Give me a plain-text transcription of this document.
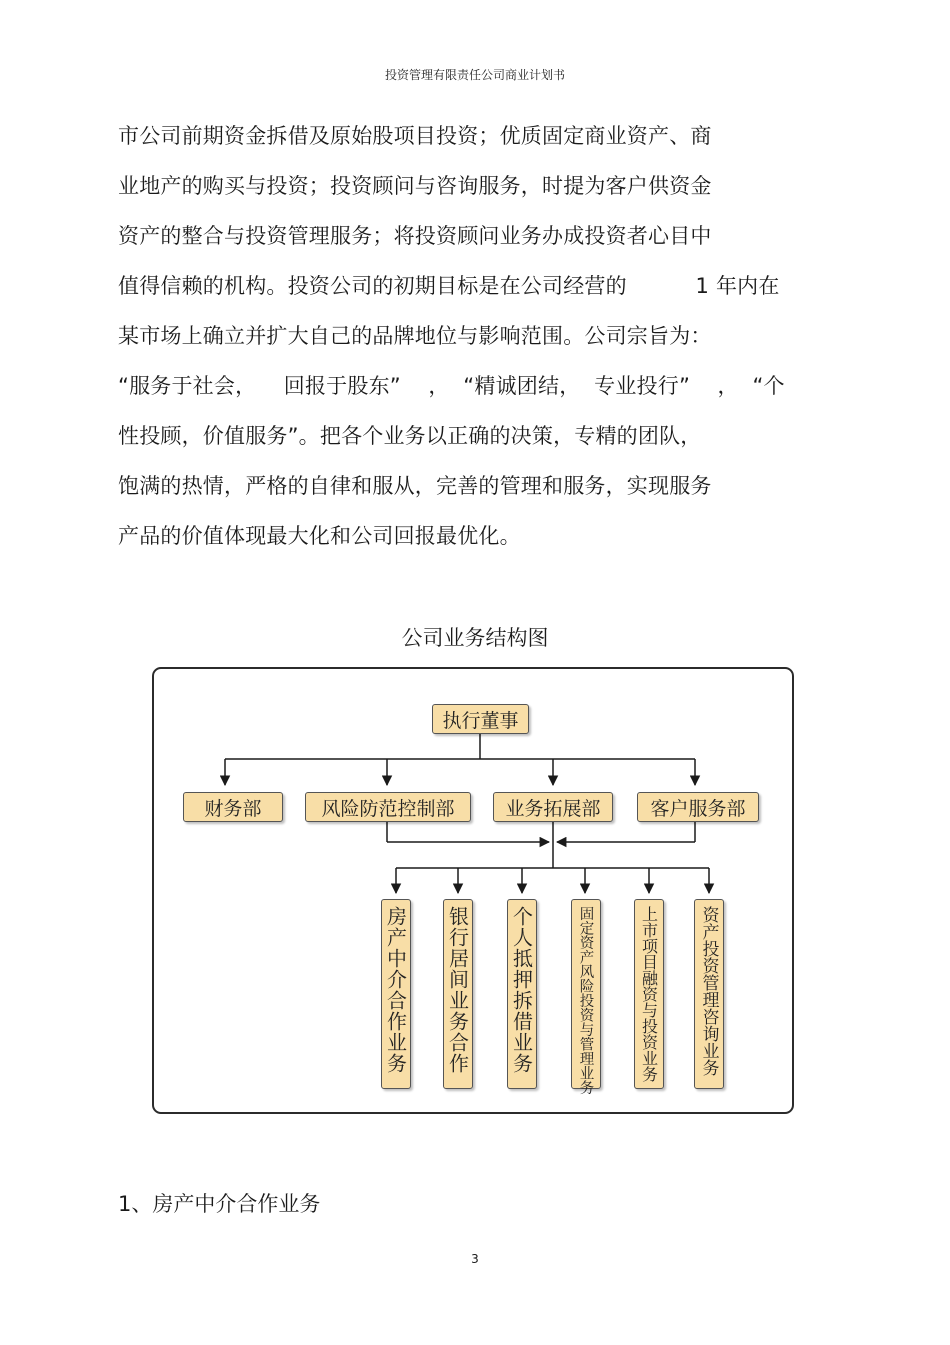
投资管理有限责任公司商业计划书
市公司前期资金拆借及原始股项目投资；优质固定商业资产、商
业地产的购买与投资；投资顾问与咨询服务，时提为客户供资金
资产的整合与投资管理服务；将投资顾问业务办成投资者心目中
值得信赖的机构。投资公司的初期目标是在公司经营的          1 年内在
某市场上确立并扩大自己的品牌地位与影响范围。公司宗旨为：
“服务于社会，    回报于股东”    ，  “精诚团结，  专业投行”    ，  “个
性投顾，价值服务”。把各个业务以正确的决策，专精的团队，
饱满的热情，严格的自律和服从，完善的管理和服务，实现服务
产品的价值体现最大化和公司回报最优化。
公司业务结构图
执行董事
财务部	风险防范控制部	业务拓展部	客户服务部
房产中介合作业务 银行居间业务合作 个人抵押拆借业务	固定资产风险投资与管理业务	上市项目融资与投资业务 资产投资管理咨询业务
1、房产中介合作业务
3
